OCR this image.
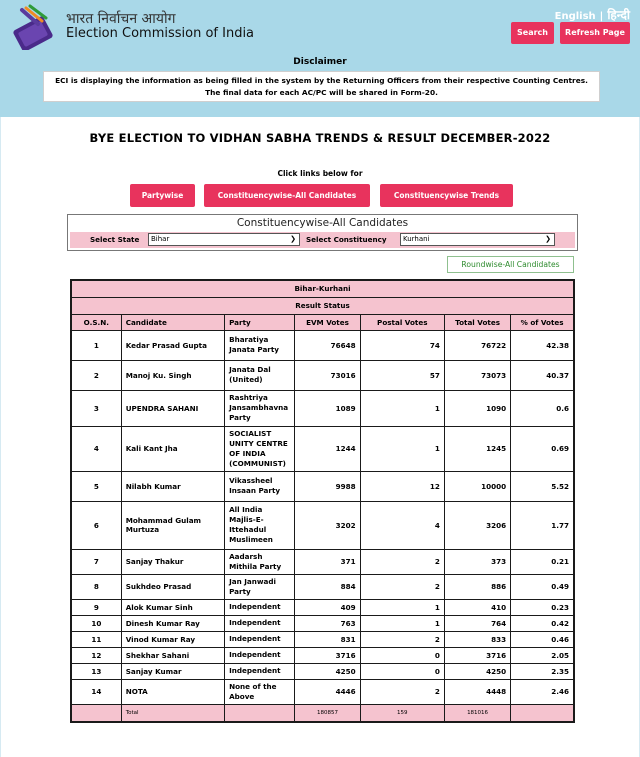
भारत निर्वाचन आयोग
Election Commission of India
English | हिन्दी
Search	Refresh Page
Disclaimer
ECI is displaying the information as being filled in the system by the Returning Officers from their respective Counting Centres.
The final data for each AC/PC will be shared in Form-20.
BYE ELECTION TO VIDHAN SABHA TRENDS & RESULT DECEMBER-2022
Click links below for
Partywise	Constituencywise-All Candidates	Constituencywise Trends
Constituencywise-All Candidates
Select State	Bihar	❯ Select Constituency	Kurhani	❯
Roundwise-All Candidates
Bihar-Kurhani						
Result Status						
O.S.N.	Candidate	Party	EVM Votes	Postal Votes	Total Votes	% of Votes
1	Kedar Prasad Gupta	Bharatiya Janata Party	76648	74	76722	42.38
2	Manoj Ku. Singh	Janata Dal (United)	73016	57	73073	40.37
3	UPENDRA SAHANI	Rashtriya Jansambhavna Party	1089	1	1090	0.6
4	Kali Kant Jha	SOCIALIST UNITY CENTRE OF INDIA (COMMUNIST)	1244	1	1245	0.69
5	Nilabh Kumar	Vikassheel Insaan Party	9988	12	10000	5.52
6	Mohammad Gulam Murtuza	All India Majlis-E-Ittehadul Muslimeen	3202	4	3206	1.77
7	Sanjay Thakur	Aadarsh Mithila Party	371	2	373	0.21
8	Sukhdeo Prasad	Jan Janwadi Party	884	2	886	0.49
9	Alok Kumar Sinh	Independent	409	1	410	0.23
10	Dinesh Kumar Ray	Independent	763	1	764	0.42
11	Vinod Kumar Ray	Independent	831	2	833	0.46
12	Shekhar Sahani	Independent	3716	0	3716	2.05
13	Sanjay Kumar	Independent	4250	0	4250	2.35
14	NOTA	None of the Above	4446	2	4448	2.46
	Total		180857	159	181016	
